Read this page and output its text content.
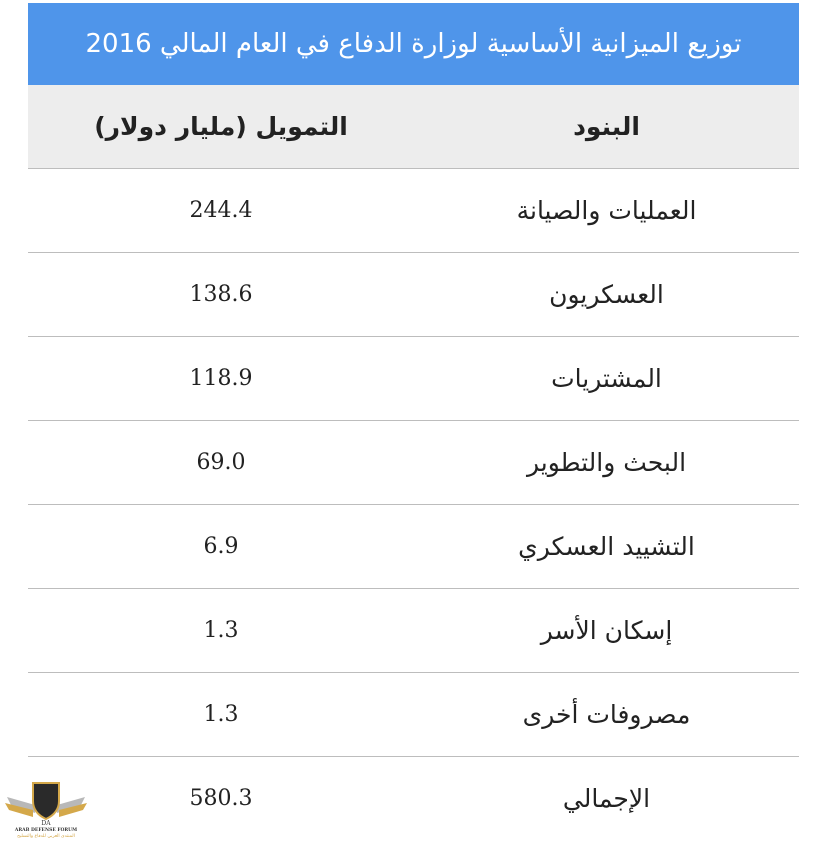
توزيع الميزانية الأساسية لوزارة الدفاع في العام المالي 2016
البنود
التمويل (مليار دولار)
العمليات والصيانة
244.4
العسكريون
138.6
المشتريات
118.9
البحث والتطوير
69.0
التشييد العسكري
6.9
إسكان الأسر
1.3
مصروفات أخرى
1.3
الإجمالي
580.3
DA
ARAB DEFENSE FORUM
المنتدى العربي للدفاع والتسليح
